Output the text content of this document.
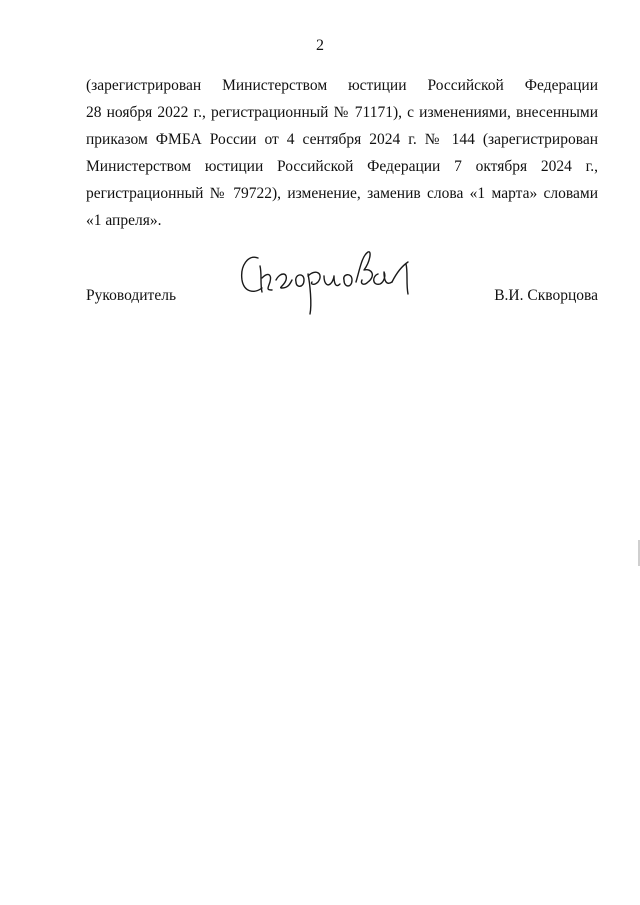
2
(зарегистрирован Министерством юстиции Российской Федерации
28 ноября 2022 г., регистрационный № 71171), с изменениями, внесенными
приказом ФМБА России от 4 сентября 2024 г. № 144 (зарегистрирован
Министерством юстиции Российской Федерации 7 октября 2024 г.,
регистрационный № 79722), изменение, заменив слова «1 марта» словами
«1 апреля».
Руководитель	В.И. Скворцова
